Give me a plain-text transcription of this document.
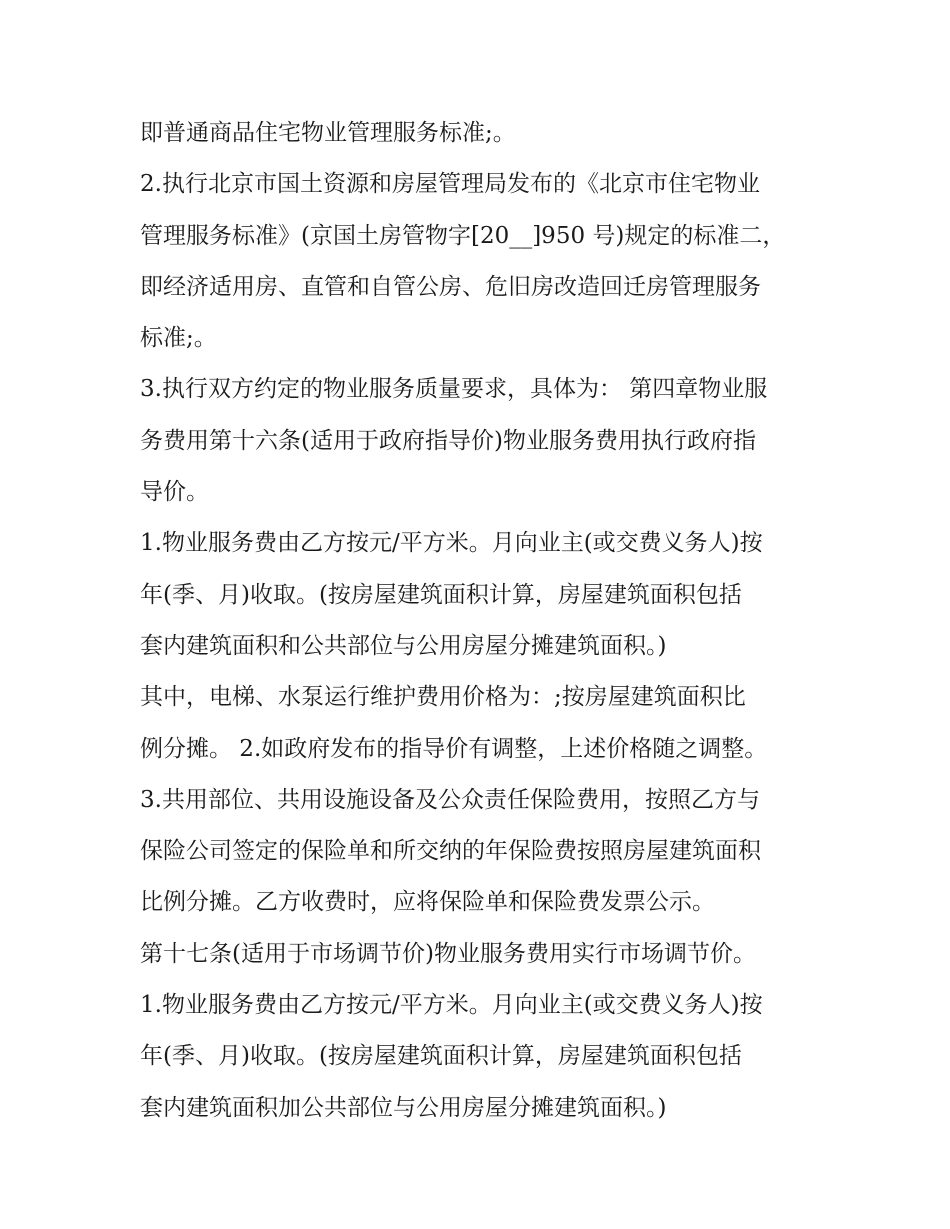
即普通商品住宅物业管理服务标准;。
2.执行北京市国土资源和房屋管理局发布的《北京市住宅物业
管理服务标准》(京国土房管物字[20__]950 号)规定的标准二，
即经济适用房、直管和自管公房、危旧房改造回迁房管理服务
标准;。
3.执行双方约定的物业服务质量要求，具体为： 第四章物业服
务费用第十六条(适用于政府指导价)物业服务费用执行政府指
导价。
1.物业服务费由乙方按元/平方米。月向业主(或交费义务人)按
年(季、月)收取。(按房屋建筑面积计算，房屋建筑面积包括
套内建筑面积和公共部位与公用房屋分摊建筑面积。)
其中，电梯、水泵运行维护费用价格为：;按房屋建筑面积比
例分摊。 2.如政府发布的指导价有调整，上述价格随之调整。
3.共用部位、共用设施设备及公众责任保险费用，按照乙方与
保险公司签定的保险单和所交纳的年保险费按照房屋建筑面积
比例分摊。乙方收费时，应将保险单和保险费发票公示。
第十七条(适用于市场调节价)物业服务费用实行市场调节价。
1.物业服务费由乙方按元/平方米。月向业主(或交费义务人)按
年(季、月)收取。(按房屋建筑面积计算，房屋建筑面积包括
套内建筑面积加公共部位与公用房屋分摊建筑面积。)
